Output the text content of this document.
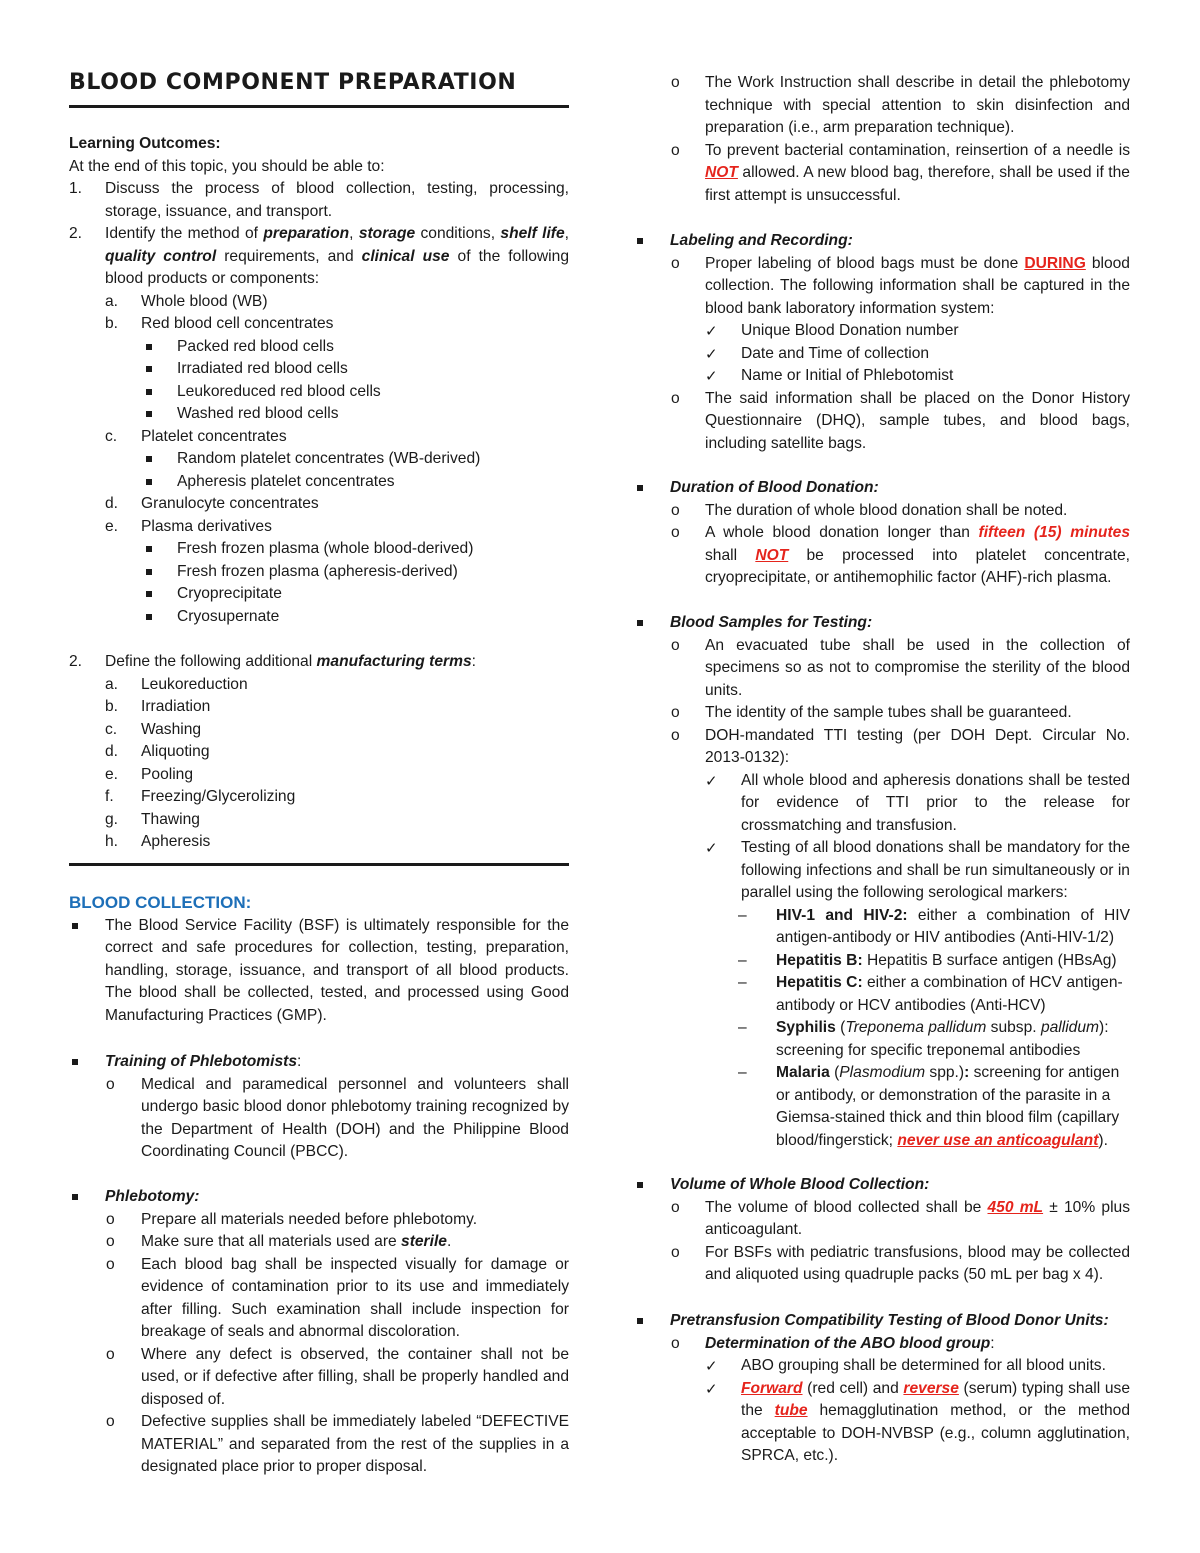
BLOOD COMPONENT PREPARATION
Learning Outcomes:
At the end of this topic, you should be able to:
1. Discuss the process of blood collection, testing, processing, storage, issuance, and transport.
2. Identify the method of preparation, storage conditions, shelf life, quality control requirements, and clinical use of the following blood products or components:
a. Whole blood (WB)
b. Red blood cell concentrates
Packed red blood cells
Irradiated red blood cells
Leukoreduced red blood cells
Washed red blood cells
c. Platelet concentrates
Random platelet concentrates (WB-derived)
Apheresis platelet concentrates
d. Granulocyte concentrates
e. Plasma derivatives
Fresh frozen plasma (whole blood-derived)
Fresh frozen plasma (apheresis-derived)
Cryoprecipitate
Cryosupernate
2. Define the following additional manufacturing terms:
a. Leukoreduction
b. Irradiation
c. Washing
d. Aliquoting
e. Pooling
f. Freezing/Glycerolizing
g. Thawing
h. Apheresis
BLOOD COLLECTION:
The Blood Service Facility (BSF) is ultimately responsible for the correct and safe procedures for collection, testing, preparation, handling, storage, issuance, and transport of all blood products. The blood shall be collected, tested, and processed using Good Manufacturing Practices (GMP).
Training of Phlebotomists:
o Medical and paramedical personnel and volunteers shall undergo basic blood donor phlebotomy training recognized by the Department of Health (DOH) and the Philippine Blood Coordinating Council (PBCC).
Phlebotomy:
o Prepare all materials needed before phlebotomy.
o Make sure that all materials used are sterile.
o Each blood bag shall be inspected visually for damage or evidence of contamination prior to its use and immediately after filling. Such examination shall include inspection for breakage of seals and abnormal discoloration.
o Where any defect is observed, the container shall not be used, or if defective after filling, shall be properly handled and disposed of.
o Defective supplies shall be immediately labeled “DEFECTIVE MATERIAL” and separated from the rest of the supplies in a designated place prior to proper disposal.
o The Work Instruction shall describe in detail the phlebotomy technique with special attention to skin disinfection and preparation (i.e., arm preparation technique).
o To prevent bacterial contamination, reinsertion of a needle is NOT allowed. A new blood bag, therefore, shall be used if the first attempt is unsuccessful.
Labeling and Recording:
o Proper labeling of blood bags must be done DURING blood collection. The following information shall be captured in the blood bank laboratory information system:
✓ Unique Blood Donation number
✓ Date and Time of collection
✓ Name or Initial of Phlebotomist
o The said information shall be placed on the Donor History Questionnaire (DHQ), sample tubes, and blood bags, including satellite bags.
Duration of Blood Donation:
o The duration of whole blood donation shall be noted.
o A whole blood donation longer than fifteen (15) minutes shall NOT be processed into platelet concentrate, cryoprecipitate, or antihemophilic factor (AHF)-rich plasma.
Blood Samples for Testing:
o An evacuated tube shall be used in the collection of specimens so as not to compromise the sterility of the blood units.
o The identity of the sample tubes shall be guaranteed.
o DOH-mandated TTI testing (per DOH Dept. Circular No. 2013-0132):
✓ All whole blood and apheresis donations shall be tested for evidence of TTI prior to the release for crossmatching and transfusion.
✓ Testing of all blood donations shall be mandatory for the following infections and shall be run simultaneously or in parallel using the following serological markers:
– HIV-1 and HIV-2: either a combination of HIV antigen-antibody or HIV antibodies (Anti-HIV-1/2)
– Hepatitis B: Hepatitis B surface antigen (HBsAg)
– Hepatitis C: either a combination of HCV antigen-antibody or HCV antibodies (Anti-HCV)
– Syphilis (Treponema pallidum subsp. pallidum): screening for specific treponemal antibodies
– Malaria (Plasmodium spp.): screening for antigen or antibody, or demonstration of the parasite in a Giemsa-stained thick and thin blood film (capillary blood/fingerstick; never use an anticoagulant).
Volume of Whole Blood Collection:
o The volume of blood collected shall be 450 mL ± 10% plus anticoagulant.
o For BSFs with pediatric transfusions, blood may be collected and aliquoted using quadruple packs (50 mL per bag x 4).
Pretransfusion Compatibility Testing of Blood Donor Units:
o Determination of the ABO blood group:
✓ ABO grouping shall be determined for all blood units.
✓ Forward (red cell) and reverse (serum) typing shall use the tube hemagglutination method, or the method acceptable to DOH-NVBSP (e.g., column agglutination, SPRCA, etc.).
